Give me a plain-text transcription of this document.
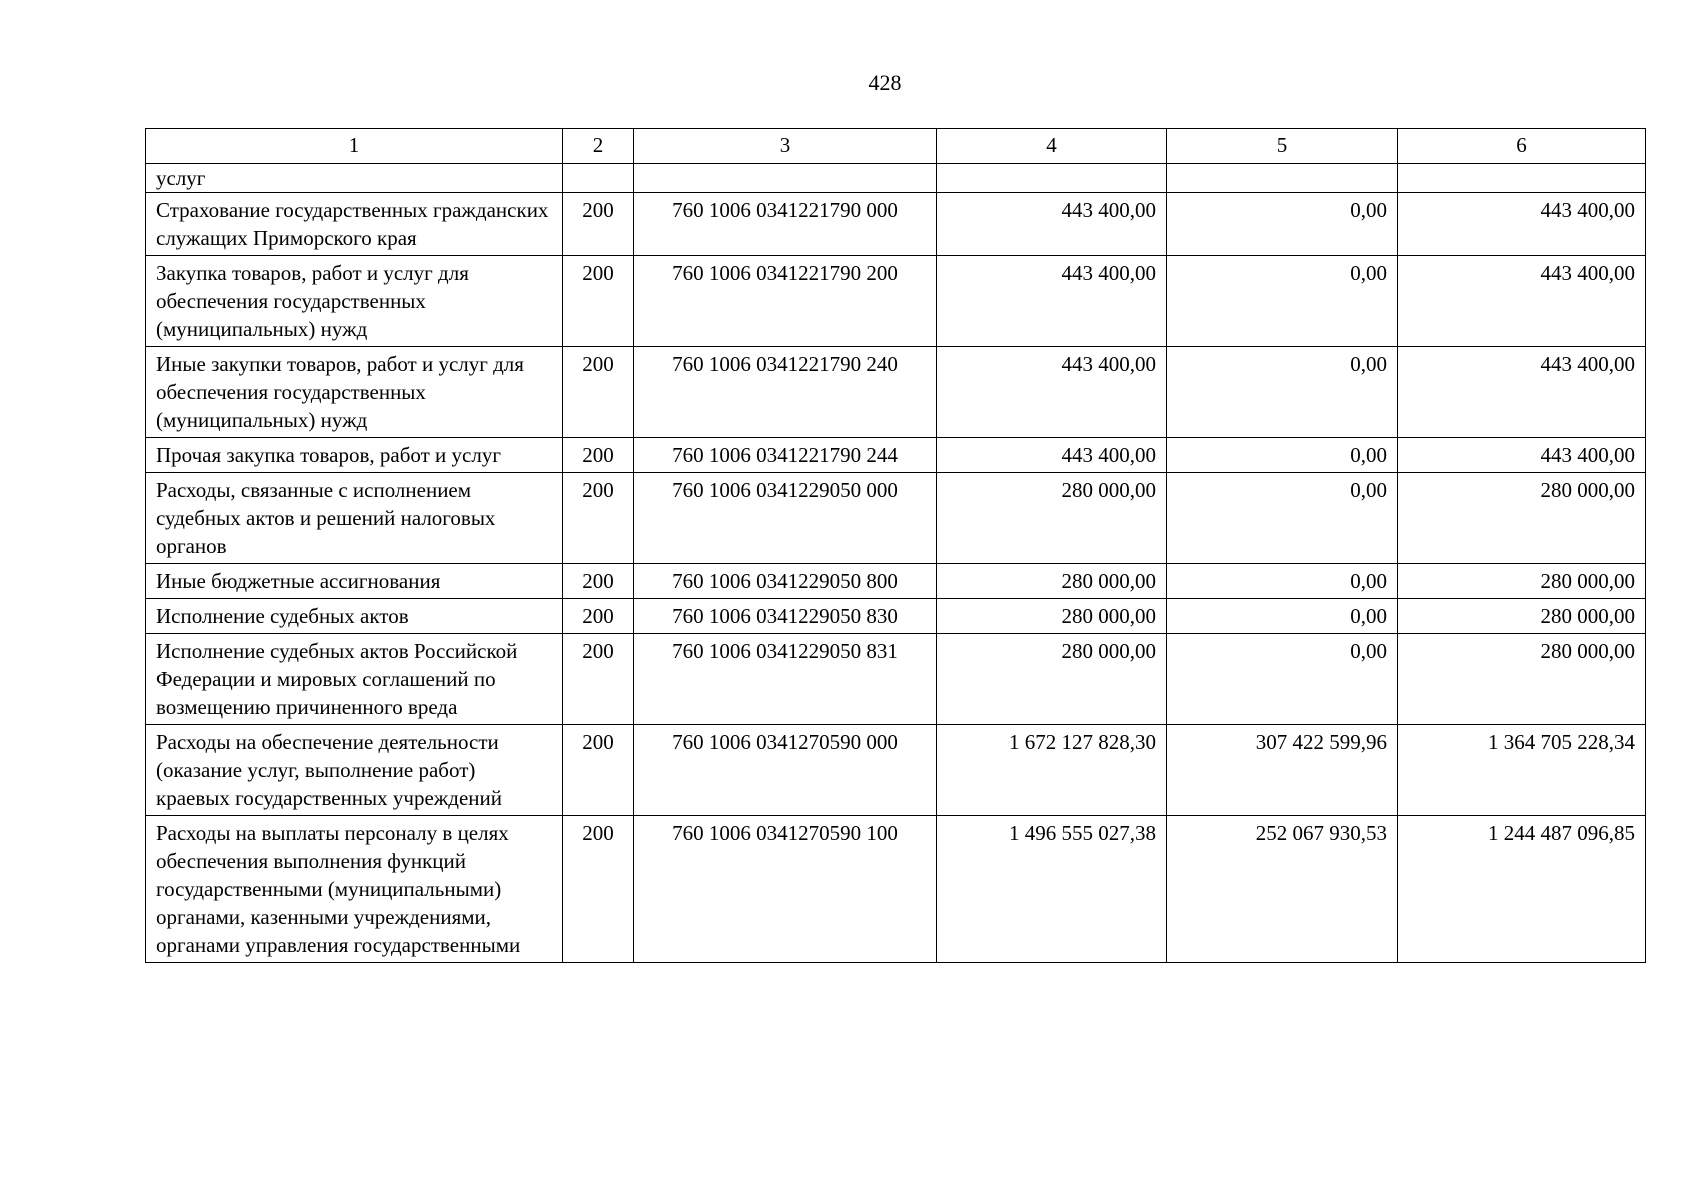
428
1	2	3	4	5	6
услуг					
Страхование государственных гражданских служащих Приморского края	200	760 1006 0341221790 000	443 400,00	0,00	443 400,00
Закупка товаров, работ и услуг для обеспечения государственных (муниципальных) нужд	200	760 1006 0341221790 200	443 400,00	0,00	443 400,00
Иные закупки товаров, работ и услуг для обеспечения государственных (муниципальных) нужд	200	760 1006 0341221790 240	443 400,00	0,00	443 400,00
Прочая закупка товаров, работ и услуг	200	760 1006 0341221790 244	443 400,00	0,00	443 400,00
Расходы, связанные с исполнением судебных актов и решений налоговых органов	200	760 1006 0341229050 000	280 000,00	0,00	280 000,00
Иные бюджетные ассигнования	200	760 1006 0341229050 800	280 000,00	0,00	280 000,00
Исполнение судебных актов	200	760 1006 0341229050 830	280 000,00	0,00	280 000,00
Исполнение судебных актов Российской Федерации и мировых соглашений по возмещению причиненного вреда	200	760 1006 0341229050 831	280 000,00	0,00	280 000,00
Расходы на обеспечение деятельности (оказание услуг, выполнение работ) краевых государственных учреждений	200	760 1006 0341270590 000	1 672 127 828,30	307 422 599,96	1 364 705 228,34
Расходы на выплаты персоналу в целях обеспечения выполнения функций государственными (муниципальными) органами, казенными учреждениями, органами управления государственными	200	760 1006 0341270590 100	1 496 555 027,38	252 067 930,53	1 244 487 096,85
